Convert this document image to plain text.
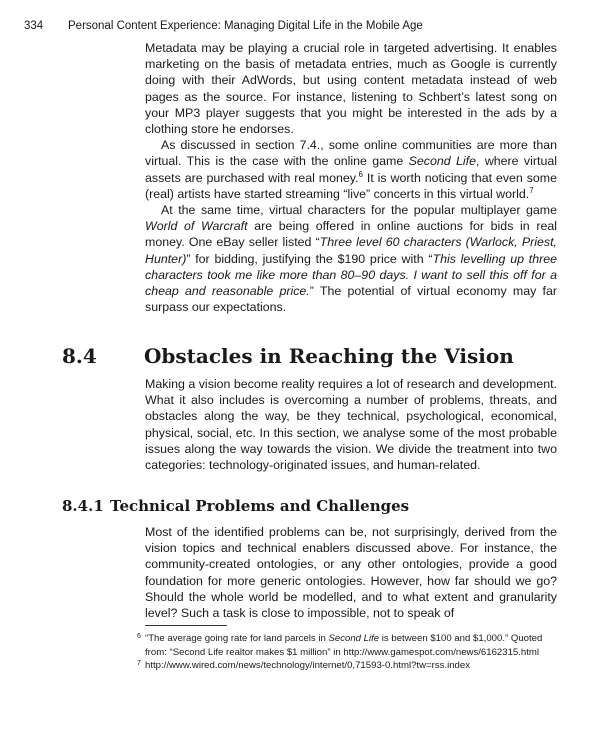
334 Personal Content Experience: Managing Digital Life in the Mobile Age

Metadata may be playing a crucial role in targeted advertising. It enables marketing on the basis of metadata entries, much as Google is currently doing with their AdWords, but using content metadata instead of web pages as the source. For instance, listening to Schbert’s latest song on your MP3 player suggests that you might be interested in the ads by a clothing store he endorses.

As discussed in section 7.4., some online communities are more than virtual. This is the case with the online game Second Life, where virtual assets are purchased with real money.$^6$ It is worth noticing that even some (real) artists have started streaming “live” concerts in this virtual world.$^7$

At the same time, virtual characters for the popular multiplayer game World of Warcraft are being offered in online auctions for bids in real money. One eBay seller listed “Three level 60 characters (Warlock, Priest, Hunter)” for bidding, justifying the $190 price with “This levelling up three characters took me like more than 80–90 days. I want to sell this off for a cheap and reasonable price.” The potential of virtual economy may far surpass our expectations.

8.4 Obstacles in Reaching the Vision

Making a vision become reality requires a lot of research and development. What it also includes is overcoming a number of problems, threats, and obstacles along the way, be they technical, psychological, economical, physical, social, etc. In this section, we analyse some of the most probable issues along the way towards the vision. We divide the treatment into two categories: technology-originated issues, and human-related.

8.4.1 Technical Problems and Challenges

Most of the identified problems can be, not surprisingly, derived from the vision topics and technical enablers discussed above. For instance, the community-created ontologies, or any other ontologies, provide a good foundation for more generic ontologies. However, how far should we go? Should the whole world be modelled, and to what extent and granularity level? Such a task is close to impossible, not to speak of

6 “The average going rate for land parcels in Second Life is between $100 and $1,000.” Quoted from: “Second Life realtor makes $1 million” in http://www.gamespot.com/news/6162315.html

7 http://www.wired.com/news/technology/internet/0,71593-0.html?tw=rss.index
